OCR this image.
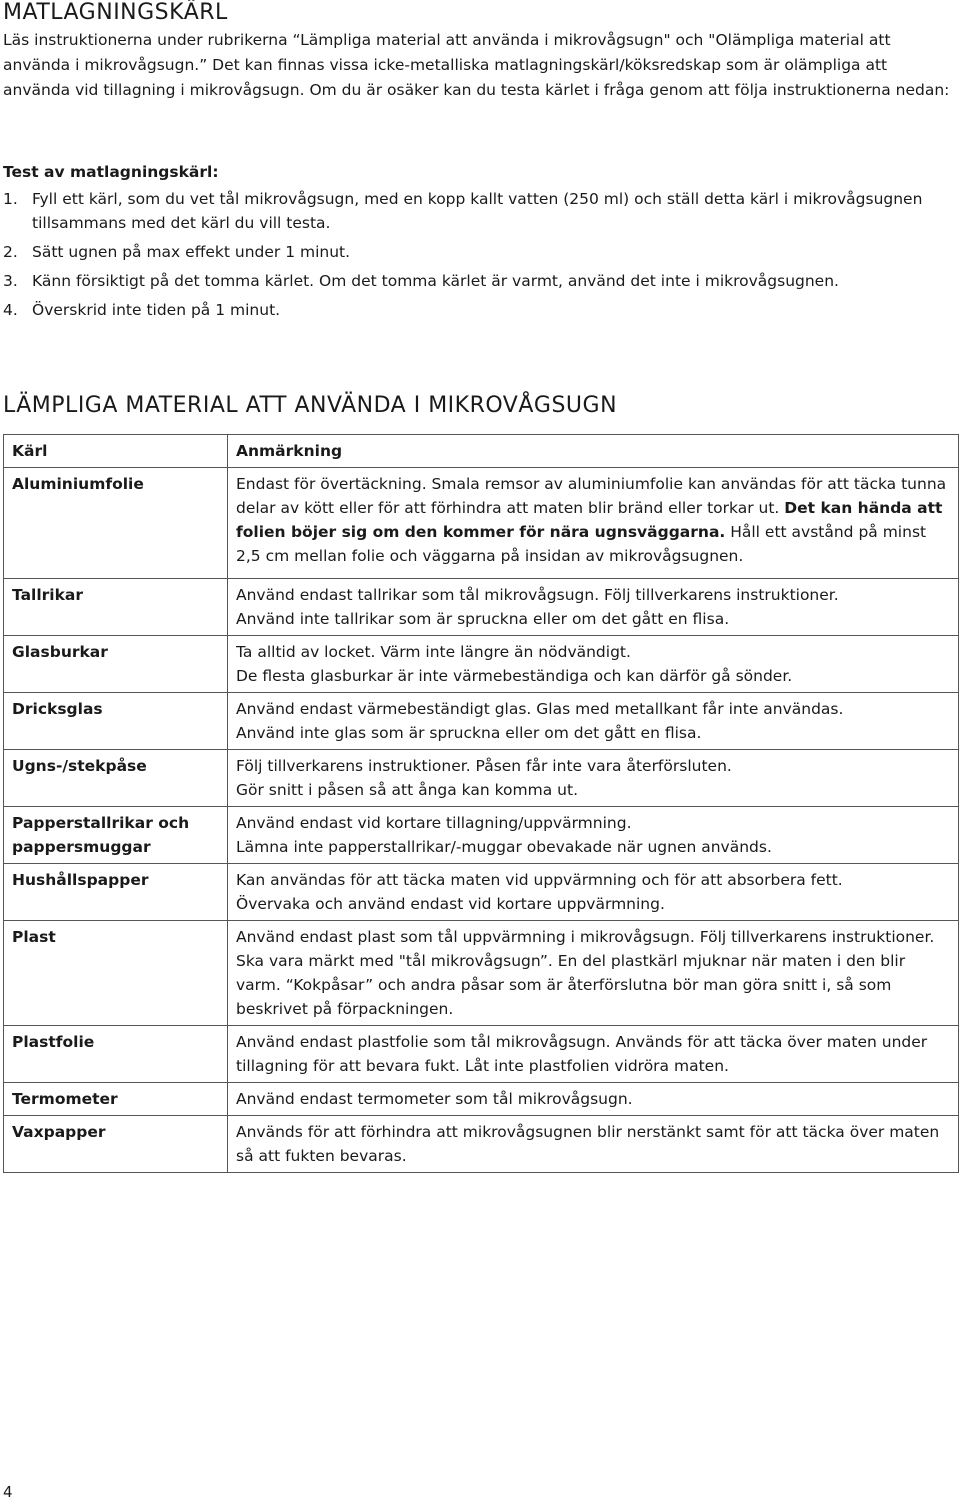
MATLAGNINGSKÄRL

Läs instruktionerna under rubrikerna “Lämpliga material att använda i mikrovågsugn" och "Olämpliga material att använda i mikrovågsugn.” Det kan finnas vissa icke-metalliska matlagningskärl/köksredskap som är olämpliga att använda vid tillagning i mikrovågsugn. Om du är osäker kan du testa kärlet i fråga genom att följa instruktionerna nedan:

Test av matlagningskärl:

1. Fyll ett kärl, som du vet tål mikrovågsugn, med en kopp kallt vatten (250 ml) och ställ detta kärl i mikrovågsugnen tillsammans med det kärl du vill testa.
2. Sätt ugnen på max effekt under 1 minut.
3. Känn försiktigt på det tomma kärlet. Om det tomma kärlet är varmt, använd det inte i mikrovågsugnen.
4. Överskrid inte tiden på 1 minut.
LÄMPLIGA MATERIAL ATT ANVÄNDA I MIKROVÅGSUGN
Kärl	Anmärkning
Aluminiumfolie	Endast för övertäckning. Smala remsor av aluminiumfolie kan användas för att täcka tunna delar av kött eller för att förhindra att maten blir bränd eller torkar ut. Det kan hända att folien böjer sig om den kommer för nära ugnsväggarna. Håll ett avstånd på minst 2,5 cm mellan folie och väggarna på insidan av mikrovågsugnen.
Tallrikar	Använd endast tallrikar som tål mikrovågsugn. Följ tillverkarens instruktioner.
Använd inte tallrikar som är spruckna eller om det gått en flisa.

Glasburkar	Ta alltid av locket. Värm inte längre än nödvändigt.
De flesta glasburkar är inte värmebeständiga och kan därför gå sönder.

Dricksglas	Använd endast värmebeständigt glas. Glas med metallkant får inte användas.
Använd inte glas som är spruckna eller om det gått en flisa.

Ugns-/stekpåse	Följ tillverkarens instruktioner. Påsen får inte vara återförsluten.
Gör snitt i påsen så att ånga kan komma ut.

Papperstallrikar och pappersmuggar	Använd endast vid kortare tillagning/uppvärmning.
Lämna inte papperstallrikar/-muggar obevakade när ugnen används.

Hushållspapper	Kan användas för att täcka maten vid uppvärmning och för att absorbera fett.
Övervaka och använd endast vid kortare uppvärmning.

Plast	Använd endast plast som tål uppvärmning i mikrovågsugn. Följ tillverkarens instruktioner. Ska vara märkt med "tål mikrovågsugn”. En del plastkärl mjuknar när maten i den blir varm. “Kokpåsar” och andra påsar som är återförslutna bör man göra snitt i, så som beskrivet på förpackningen.
Plastfolie	Använd endast plastfolie som tål mikrovågsugn. Används för att täcka över maten under tillagning för att bevara fukt. Låt inte plastfolien vidröra maten.
Termometer	Använd endast termometer som tål mikrovågsugn.
Vaxpapper	Används för att förhindra att mikrovågsugnen blir nerstänkt samt för att täcka över maten så att fukten bevaras.
4
